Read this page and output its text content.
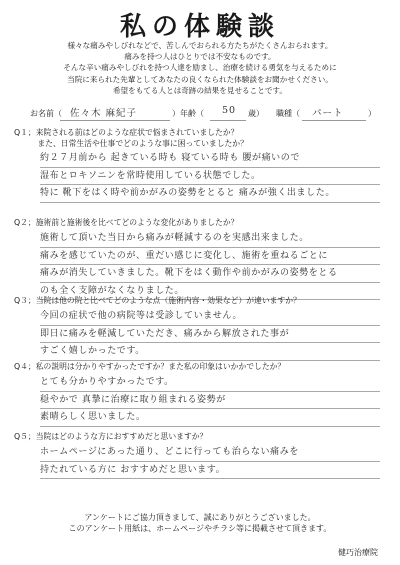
私の体験談
様々な痛みやしびれなどで、苦しんでおられる方たちがたくさんおられます。
痛みを持つ人はひとりでは不安なものです。
そんな辛い痛みやしびれを持つ人達を励まし、治療を続ける勇気を与えるために
当院に来られた先輩としてあなたの良くなられた体験談をお聞かせください。
希望をもてる人とは奇跡の結果を見せることです。
お名前（ 佐々木 麻紀子	） 年齢（ 50 歳） 職種（ パート	）
Q１；来院される前はどのような症状で悩まされていましたか？
　　　また、日常生活や仕事でどのような事に困っていましたか？
約２７月前から 起きている時も 寝ている時も 腰が痛いので
湿布とロキソニンを常時使用している状態でした。
特に 靴下をはく時や前かがみの姿勢をとると 痛みが強く出ました。
Q２；施術前と施術後を比べてどのような変化がありましたか？
施術して頂いた当日から痛みが軽減するのを実感出来ました。
痛みを感じていたのが、重だい感じに変化し、施術を重ねるごとに
痛みが消失していきました。靴下をはく動作や前かがみの姿勢をとる
のも全く支障がなくなりました。
Q３；当院は他の院と比べてどのような点（施術内容・効果など）が違いますか？
今回の症状で他の病院等は受診していません。
即日に痛みを軽減していただき、痛みから解放された事が
すごく嬉しかったです。
Q４；私の説明は分かりやすかったですか？また私の印象はいかかでしたか？
とても分かりやすかったです。
穏やかで 真摯に治療に取り組まれる姿勢が
素晴らしく思いました。
Q５；当院はどのような方におすすめだと思いますか？
ホームページにあった通り、どこに行っても治らない痛みを
持たれている方に おすすめだと思います。
アンケートにご協力頂きまして、誠にありがとうございました。
このアンケート用紙は、ホームページやチラシ等に掲載させて頂きます。
健巧治療院
